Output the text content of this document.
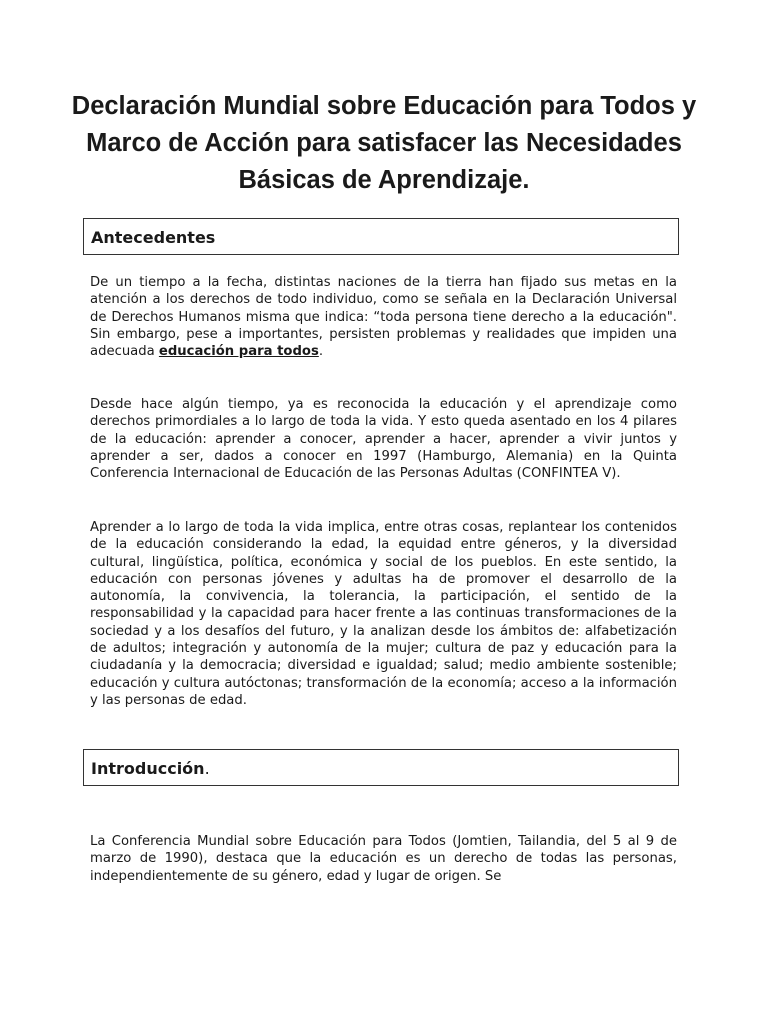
Declaración Mundial sobre Educación para Todos y Marco de Acción para satisfacer las Necesidades Básicas de Aprendizaje.
Antecedentes

De un tiempo a la fecha, distintas naciones de la tierra han fijado sus metas en la atención a los derechos de todo individuo, como se señala en la Declaración Universal de Derechos Humanos misma que indica: “toda persona tiene derecho a la educación". Sin embargo, pese a importantes, persisten problemas y realidades que impiden una adecuada educación para todos.

Desde hace algún tiempo, ya es reconocida la educación y el aprendizaje como derechos primordiales a lo largo de toda la vida. Y esto queda asentado en los 4 pilares de la educación: aprender a conocer, aprender a hacer, aprender a vivir juntos y aprender a ser, dados a conocer en 1997 (Hamburgo, Alemania) en la Quinta Conferencia Internacional de Educación de las Personas Adultas (CONFINTEA V).

Aprender a lo largo de toda la vida implica, entre otras cosas, replantear los contenidos de la educación considerando la edad, la equidad entre géneros, y la diversidad cultural, lingüística, política, económica y social de los pueblos. En este sentido, la educación con personas jóvenes y adultas ha de promover el desarrollo de la autonomía, la convivencia, la tolerancia, la participación, el sentido de la responsabilidad y la capacidad para hacer frente a las continuas transformaciones de la sociedad y a los desafíos del futuro, y la analizan desde los ámbitos de: alfabetización de adultos; integración y autonomía de la mujer; cultura de paz y educación para la ciudadanía y la democracia; diversidad e igualdad; salud; medio ambiente sostenible; educación y cultura autóctonas; transformación de la economía; acceso a la información y las personas de edad.

Introducción.

La Conferencia Mundial sobre Educación para Todos (Jomtien, Tailandia, del 5 al 9 de marzo de 1990), destaca que la educación es un derecho de todas las personas, independientemente de su género, edad y lugar de origen. Se
